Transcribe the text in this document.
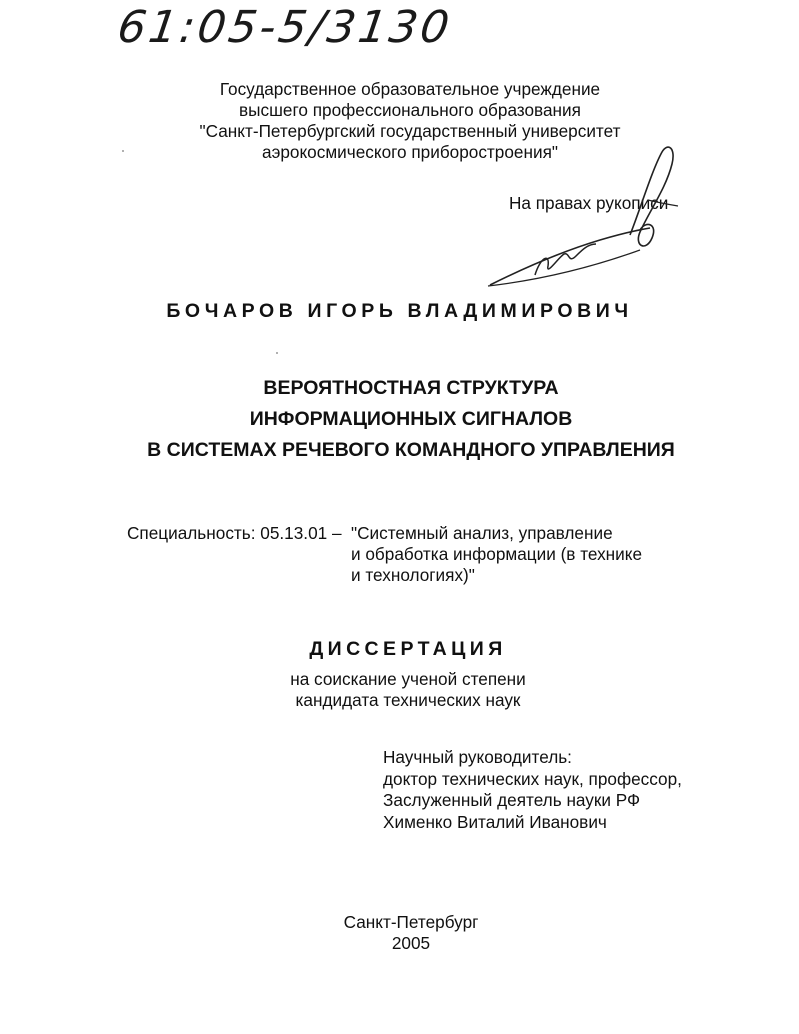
61:05-5/3130
Государственное образовательное учреждение
высшего профессионального образования
"Санкт-Петербургский государственный университет
аэрокосмического приборостроения"
На правах рукописи
БОЧАРОВ ИГОРЬ ВЛАДИМИРОВИЧ
ВЕРОЯТНОСТНАЯ СТРУКТУРА
ИНФОРМАЦИОННЫХ СИГНАЛОВ
В СИСТЕМАХ РЕЧЕВОГО КОМАНДНОГО УПРАВЛЕНИЯ
Специальность: 05.13.01 – "Системный анализ, управление
и обработка информации (в технике
и технологиях)"
ДИССЕРТАЦИЯ
на соискание ученой степени
кандидата технических наук
Научный руководитель:
доктор технических наук, профессор,
Заслуженный деятель науки РФ
Хименко Виталий Иванович
Санкт-Петербург
2005
